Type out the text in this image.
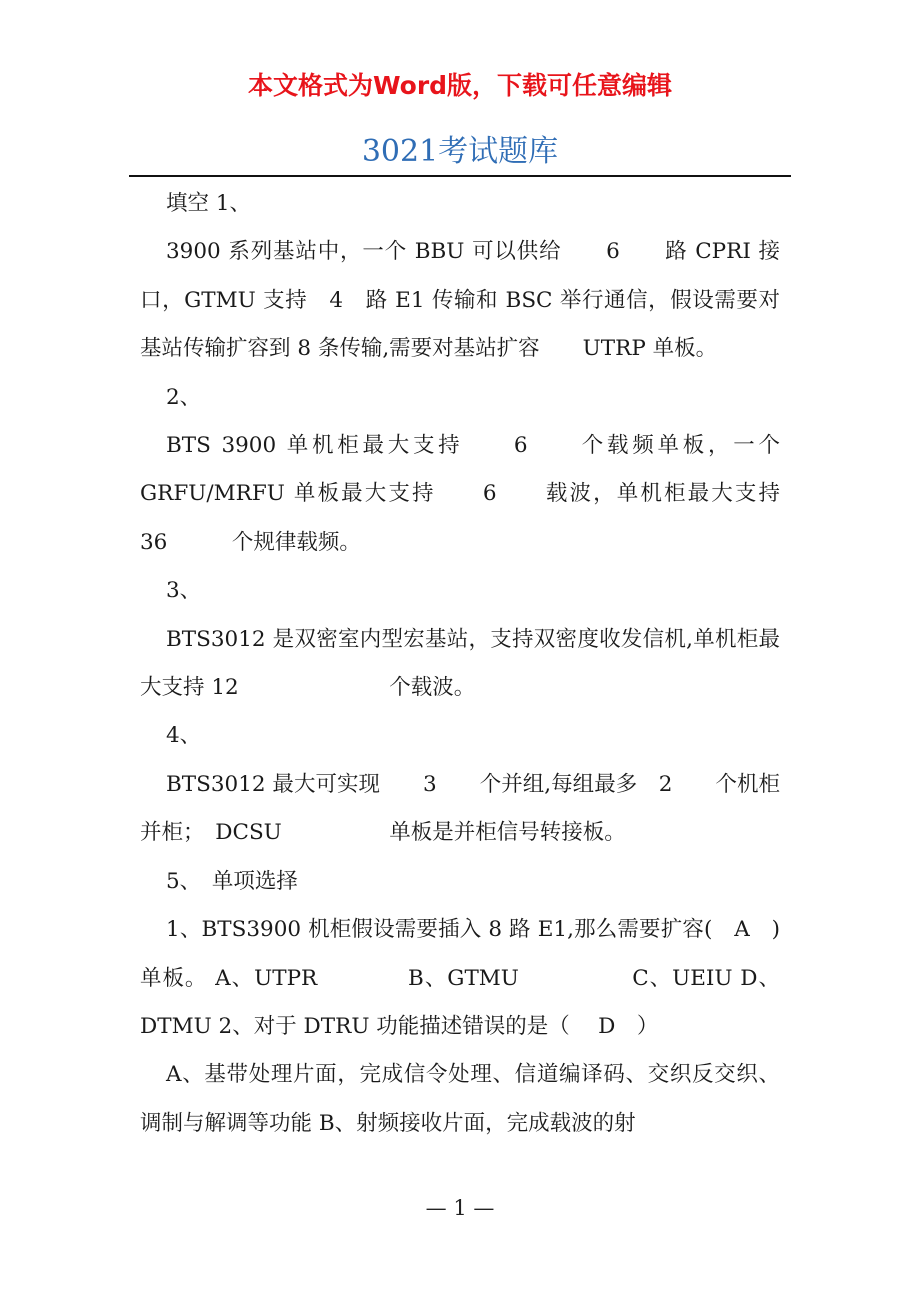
本文格式为Word版，下载可任意编辑
3021考试题库

填空 1、

3900 系列基站中，一个 BBU 可以供给　　6　　路 CPRI 接口，GTMU 支持　4　路 E1 传输和 BSC 举行通信，假设需要对基站传输扩容到 8 条传输,需要对基站扩容　　UTRP 单板。

2、

BTS 3900 单机柜最大支持　　6　　个载频单板，一个 GRFU/MRFU 单板最大支持　　6　　载波，单机柜最大支持　 36　　　个规律载频。

3、

BTS3012 是双密室内型宏基站，支持双密度收发信机,单机柜最大支持 12　　　　　　　个载波。

4、

BTS3012 最大可实现　　3　　个并组,每组最多　2　　个机柜并柜；　DCSU　　　　　单板是并柜信号转接板。

5、　单项选择

1、BTS3900 机柜假设需要插入 8 路 E1,那么需要扩容(　A　)单板。 A、UTPR　　　　B、GTMU　　　　　C、UEIU D、DTMU 2、对于 DTRU 功能描述错误的是（　 D　）

A、基带处理片面，完成信令处理、信道编译码、交织反交织、调制与解调等功能 B、射频接收片面，完成载波的射

— 1 —
